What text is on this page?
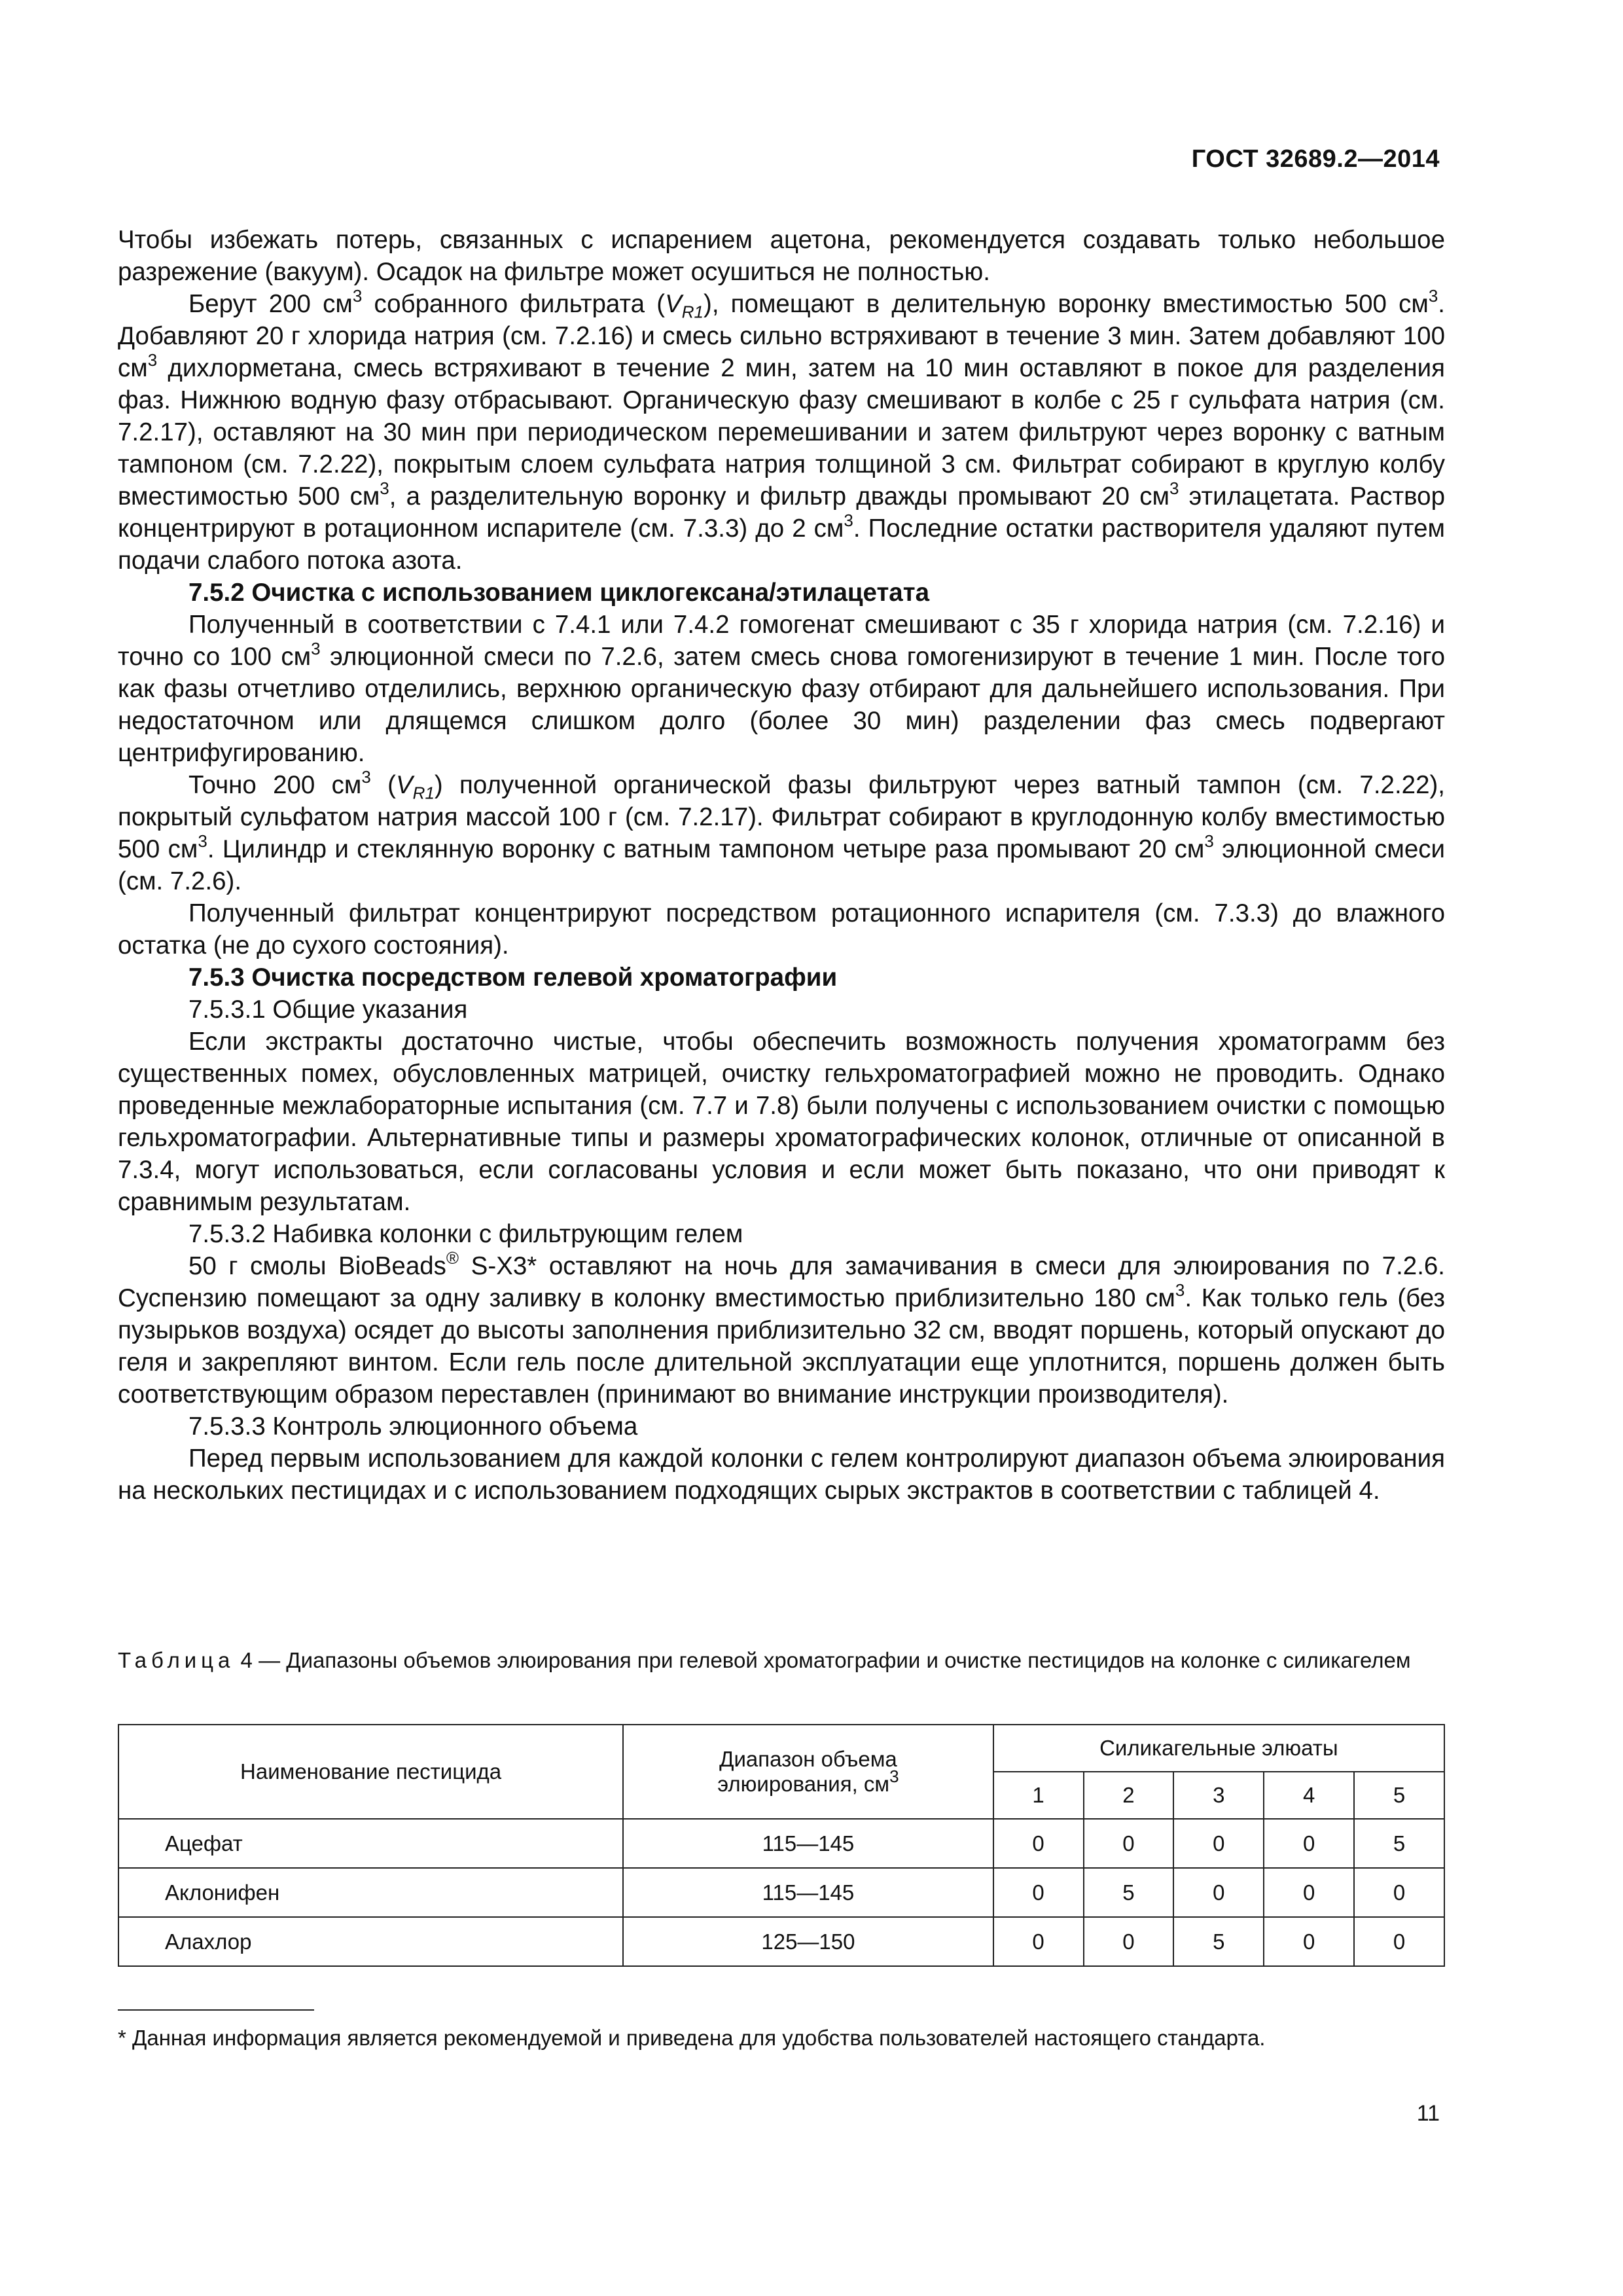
ГОСТ 32689.2—2014

Чтобы избежать потерь, связанных с испарением ацетона, рекомендуется создавать только небольшое разрежение (вакуум). Осадок на фильтре может осушиться не полностью.

Берут 200 $см^3$ собранного фильтрата $(V_{R1})$, помещают в делительную воронку вместимостью 500 $см^3$. Добавляют 20 г хлорида натрия (см. 7.2.16) и смесь сильно встряхивают в течение 3 мин. Затем добавляют 100 $см^3$ дихлорметана, смесь встряхивают в течение 2 мин, затем на 10 мин оставляют в покое для разделения фаз. Нижнюю водную фазу отбрасывают. Органическую фазу смешивают в колбе с 25 г сульфата натрия (см. 7.2.17), оставляют на 30 мин при периодическом перемешивании и затем фильтруют через воронку с ватным тампоном (см. 7.2.22), покрытым слоем сульфата натрия толщиной 3 см. Фильтрат собирают в круглую колбу вместимостью 500 $см^3$, а разделительную воронку и фильтр дважды промывают 20 $см^3$ этилацетата. Раствор концентрируют в ротационном испарителе (см. 7.3.3) до 2 $см^3$. Последние остатки растворителя удаляют путем подачи слабого потока азота.

7.5.2 Очистка с использованием циклогексана/этилацетата

Полученный в соответствии с 7.4.1 или 7.4.2 гомогенат смешивают с 35 г хлорида натрия (см. 7.2.16) и точно со 100 $см^3$ элюционной смеси по 7.2.6, затем смесь снова гомогенизируют в течение 1 мин. После того как фазы отчетливо отделились, верхнюю органическую фазу отбирают для дальнейшего использования. При недостаточном или длящемся слишком долго (более 30 мин) разделении фаз смесь подвергают центрифугированию.

Точно 200 $см^3$ $(V_{R1})$ полученной органической фазы фильтруют через ватный тампон (см. 7.2.22), покрытый сульфатом натрия массой 100 г (см. 7.2.17). Фильтрат собирают в круглодонную колбу вместимостью 500 $см^3$. Цилиндр и стеклянную воронку с ватным тампоном четыре раза промывают 20 $см^3$ элюционной смеси (см. 7.2.6).

Полученный фильтрат концентрируют посредством ротационного испарителя (см. 7.3.3) до влажного остатка (не до сухого состояния).

7.5.3 Очистка посредством гелевой хроматографии

7.5.3.1 Общие указания

Если экстракты достаточно чистые, чтобы обеспечить возможность получения хроматограмм без существенных помех, обусловленных матрицей, очистку гельхроматографией можно не проводить. Однако проведенные межлабораторные испытания (см. 7.7 и 7.8) были получены с использованием очистки с помощью гельхроматографии. Альтернативные типы и размеры хроматографических колонок, отличные от описанной в 7.3.4, могут использоваться, если согласованы условия и если может быть показано, что они приводят к сравнимым результатам.

7.5.3.2 Набивка колонки с фильтрующим гелем

50 г смолы BioBeads® S-X3* оставляют на ночь для замачивания в смеси для элюирования по 7.2.6. Суспензию помещают за одну заливку в колонку вместимостью приблизительно 180 $см^3$. Как только гель (без пузырьков воздуха) осядет до высоты заполнения приблизительно 32 см, вводят поршень, который опускают до геля и закрепляют винтом. Если гель после длительной эксплуатации еще уплотнится, поршень должен быть соответствующим образом переставлен (принимают во внимание инструкции производителя).

7.5.3.3 Контроль элюционного объема

Перед первым использованием для каждой колонки с гелем контролируют диапазон объема элюирования на нескольких пестицидах и с использованием подходящих сырых экстрактов в соответствии с таблицей 4.

Таблица 4 — Диапазоны объемов элюирования при гелевой хроматографии и очистке пестицидов на колонке с силикагелем
Наименование пестицида	Диапазон объема
элюирования, $см^3$	Силикагельные элюаты				
		1	2	3	4	5
Ацефат	115—145	0	0	0	0	5
Аклонифен	115—145	0	5	0	0	0
Алахлор	125—150	0	0	5	0	0
* Данная информация является рекомендуемой и приведена для удобства пользователей настоящего стандарта.
11
